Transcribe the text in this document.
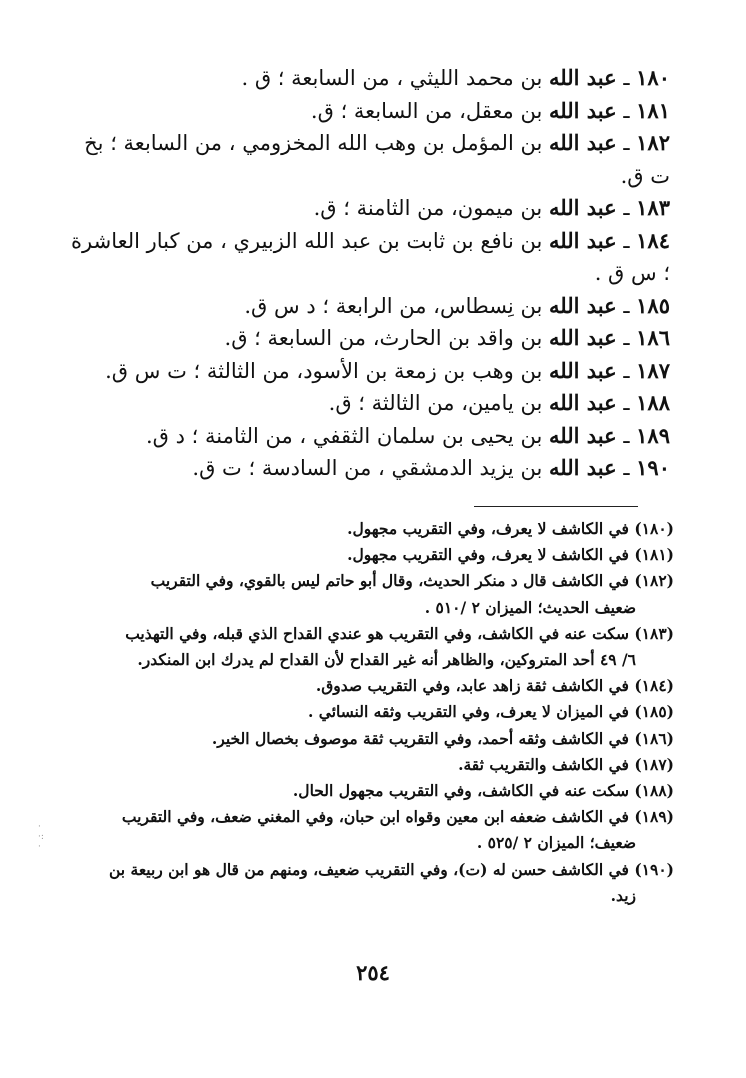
١٨٠ ـ عبد الله بن محمد الليثي ، من السابعة ؛ ق .

١٨١ ـ عبد الله بن معقل، من السابعة ؛ ق.

١٨٢ ـ عبد الله بن المؤمل بن وهب الله المخزومي ، من السابعة ؛ بخ ت ق.

١٨٣ ـ عبد الله بن ميمون، من الثامنة ؛ ق.

١٨٤ ـ عبد الله بن نافع بن ثابت بن عبد الله الزبيري ، من كبار العاشرة ؛ س ق .

١٨٥ ـ عبد الله بن نِسطاس، من الرابعة ؛ د س ق.

١٨٦ ـ عبد الله بن واقد بن الحارث، من السابعة ؛ ق.

١٨٧ ـ عبد الله بن وهب بن زمعة بن الأسود، من الثالثة ؛ ت س ق.

١٨٨ ـ عبد الله بن يامين، من الثالثة ؛ ق.

١٨٩ ـ عبد الله بن يحيى بن سلمان الثقفي ، من الثامنة ؛ د ق.

١٩٠ ـ عبد الله بن يزيد الدمشقي ، من السادسة ؛ ت ق.

(١٨٠) في الكاشف لا يعرف، وفي التقريب مجهول.

(١٨١) في الكاشف لا يعرف، وفي التقريب مجهول.

(١٨٢) في الكاشف قال د منكر الحديث، وقال أبو حاتم ليس بالقوي، وفي التقريب
ضعيف الحديث؛ الميزان ٢ /٥١٠ .

(١٨٣) سكت عنه في الكاشف، وفي التقريب هو عندي القداح الذي قبله، وفي التهذيب
٦/ ٤٩ أحد المتروكين، والظاهر أنه غير القداح لأن القداح لم يدرك ابن المنكدر.

(١٨٤) في الكاشف ثقة زاهد عابد، وفي التقريب صدوق.

(١٨٥) في الميزان لا يعرف، وفي التقريب وثقه النسائي .

(١٨٦) في الكاشف وثقه أحمد، وفي التقريب ثقة موصوف بخصال الخير.

(١٨٧) في الكاشف والتقريب ثقة.

(١٨٨) سكت عنه في الكاشف، وفي التقريب مجهول الحال.

(١٨٩) في الكاشف ضعفه ابن معين وقواه ابن حبان، وفي المغني ضعف، وفي التقريب
ضعيف؛ الميزان ٢ /٥٢٥ .

(١٩٠) في الكاشف حسن له (ت)، وفي التقريب ضعيف، ومنهم من قال هو ابن ربيعة بن
زيد.

٢٥٤
·
·:
·
